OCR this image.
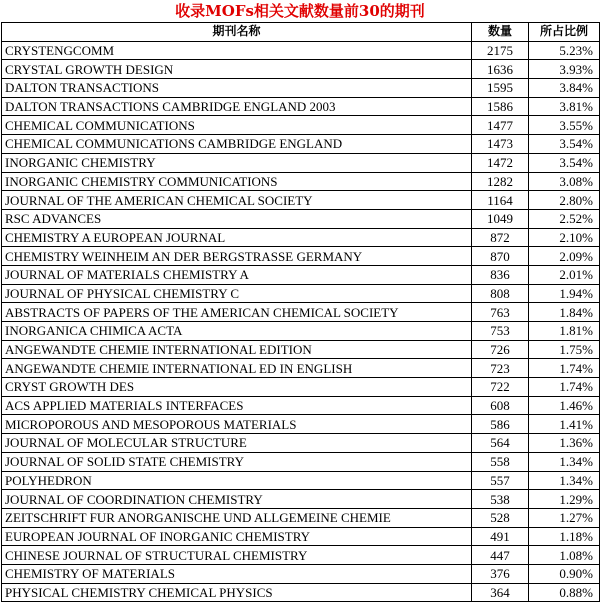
收录MOFs相关文献数量前30的期刊
期刊名称	数量	所占比例
CRYSTENGCOMM	2175	5.23%
CRYSTAL GROWTH DESIGN	1636	3.93%
DALTON TRANSACTIONS	1595	3.84%
DALTON TRANSACTIONS CAMBRIDGE ENGLAND 2003	1586	3.81%
CHEMICAL COMMUNICATIONS	1477	3.55%
CHEMICAL COMMUNICATIONS CAMBRIDGE ENGLAND	1473	3.54%
INORGANIC CHEMISTRY	1472	3.54%
INORGANIC CHEMISTRY COMMUNICATIONS	1282	3.08%
JOURNAL OF THE AMERICAN CHEMICAL SOCIETY	1164	2.80%
RSC ADVANCES	1049	2.52%
CHEMISTRY A EUROPEAN JOURNAL	872	2.10%
CHEMISTRY WEINHEIM AN DER BERGSTRASSE GERMANY	870	2.09%
JOURNAL OF MATERIALS CHEMISTRY A	836	2.01%
JOURNAL OF PHYSICAL CHEMISTRY C	808	1.94%
ABSTRACTS OF PAPERS OF THE AMERICAN CHEMICAL SOCIETY	763	1.84%
INORGANICA CHIMICA ACTA	753	1.81%
ANGEWANDTE CHEMIE INTERNATIONAL EDITION	726	1.75%
ANGEWANDTE CHEMIE INTERNATIONAL ED IN ENGLISH	723	1.74%
CRYST GROWTH DES	722	1.74%
ACS APPLIED MATERIALS INTERFACES	608	1.46%
MICROPOROUS AND MESOPOROUS MATERIALS	586	1.41%
JOURNAL OF MOLECULAR STRUCTURE	564	1.36%
JOURNAL OF SOLID STATE CHEMISTRY	558	1.34%
POLYHEDRON	557	1.34%
JOURNAL OF COORDINATION CHEMISTRY	538	1.29%
ZEITSCHRIFT FUR ANORGANISCHE UND ALLGEMEINE CHEMIE	528	1.27%
EUROPEAN JOURNAL OF INORGANIC CHEMISTRY	491	1.18%
CHINESE JOURNAL OF STRUCTURAL CHEMISTRY	447	1.08%
CHEMISTRY OF MATERIALS	376	0.90%
PHYSICAL CHEMISTRY CHEMICAL PHYSICS	364	0.88%
